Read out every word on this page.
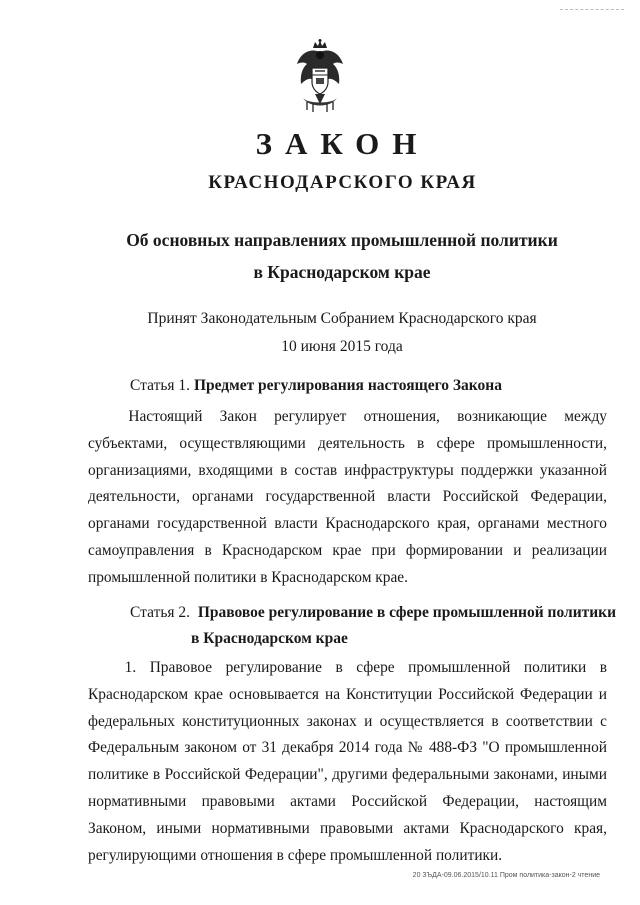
ЗАКОН
КРАСНОДАРСКОГО КРАЯ
Об основных направлениях промышленной политики
в Краснодарском крае
Принят Законодательным Собранием Краснодарского края
10 июня 2015 года
Статья 1. Предмет регулирования настоящего Закона

   Настоящий Закон регулирует отношения, возникающие между субъектами, осуществляющими деятельность в сфере промышленности, организациями, входящими в состав инфраструктуры поддержки указанной деятельности, органами государственной власти Российской Федерации, органами государственной власти Краснодарского края, органами местного самоуправления в Краснодарском крае при формировании и реализации промышленной политики в Краснодарском крае.

Статья 2. Правовое регулирование в сфере промышленной политики
в Краснодарском крае

   1. Правовое регулирование в сфере промышленной политики в Краснодарском крае основывается на Конституции Российской Федерации и федеральных конституционных законах и осуществляется в соответствии с Федеральным законом от 31 декабря 2014 года № 488-ФЗ "О промышленной политике в Российской Федерации", другими федеральными законами, иными нормативными правовыми актами Российской Федерации, настоящим Законом, иными нормативными правовыми актами Краснодарского края, регулирующими отношения в сфере промышленной политики.

20 ЗЪДА-09.06.2015/10.11 Пром политика-закон-2 чтение
